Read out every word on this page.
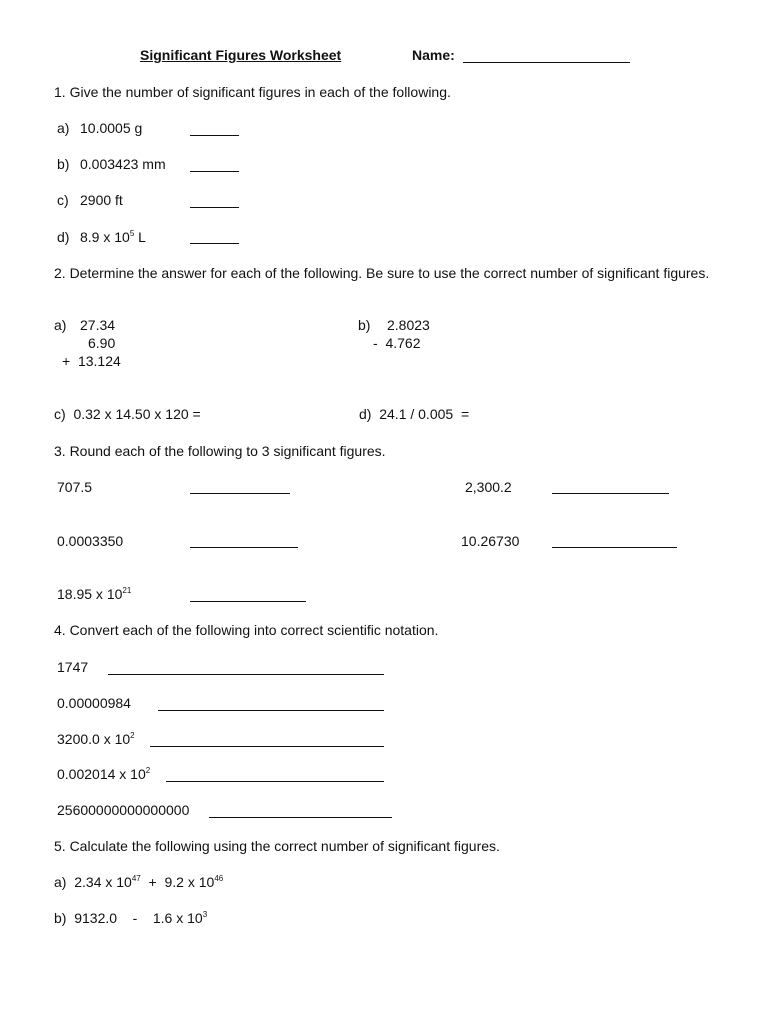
Significant Figures Worksheet	Name:
1. Give the number of significant figures in each of the following.
a) 10.0005 g
b) 0.003423 mm
c) 2900 ft
d) 8.9 x $10^5$ L
2. Determine the answer for each of the following. Be sure to use the correct number of significant figures.
a) 27.34
6.90
+  13.124
b) 2.8023
-  4.762
c)  0.32 x 14.50 x 120 =	d)  24.1 / 0.005  =
3. Round each of the following to 3 significant figures.
707.5	2,300.2
0.0003350	10.26730
18.95 x $10^{21}$
4. Convert each of the following into correct scientific notation.
1747
0.00000984
3200.0 x $10^2$
0.002014 x $10^2$
25600000000000000
5. Calculate the following using the correct number of significant figures.
a) 2.34 x $10^{47} + 9.2$ x $10^{46}$
b) 9132.0 - 1.6 x $10^3$
